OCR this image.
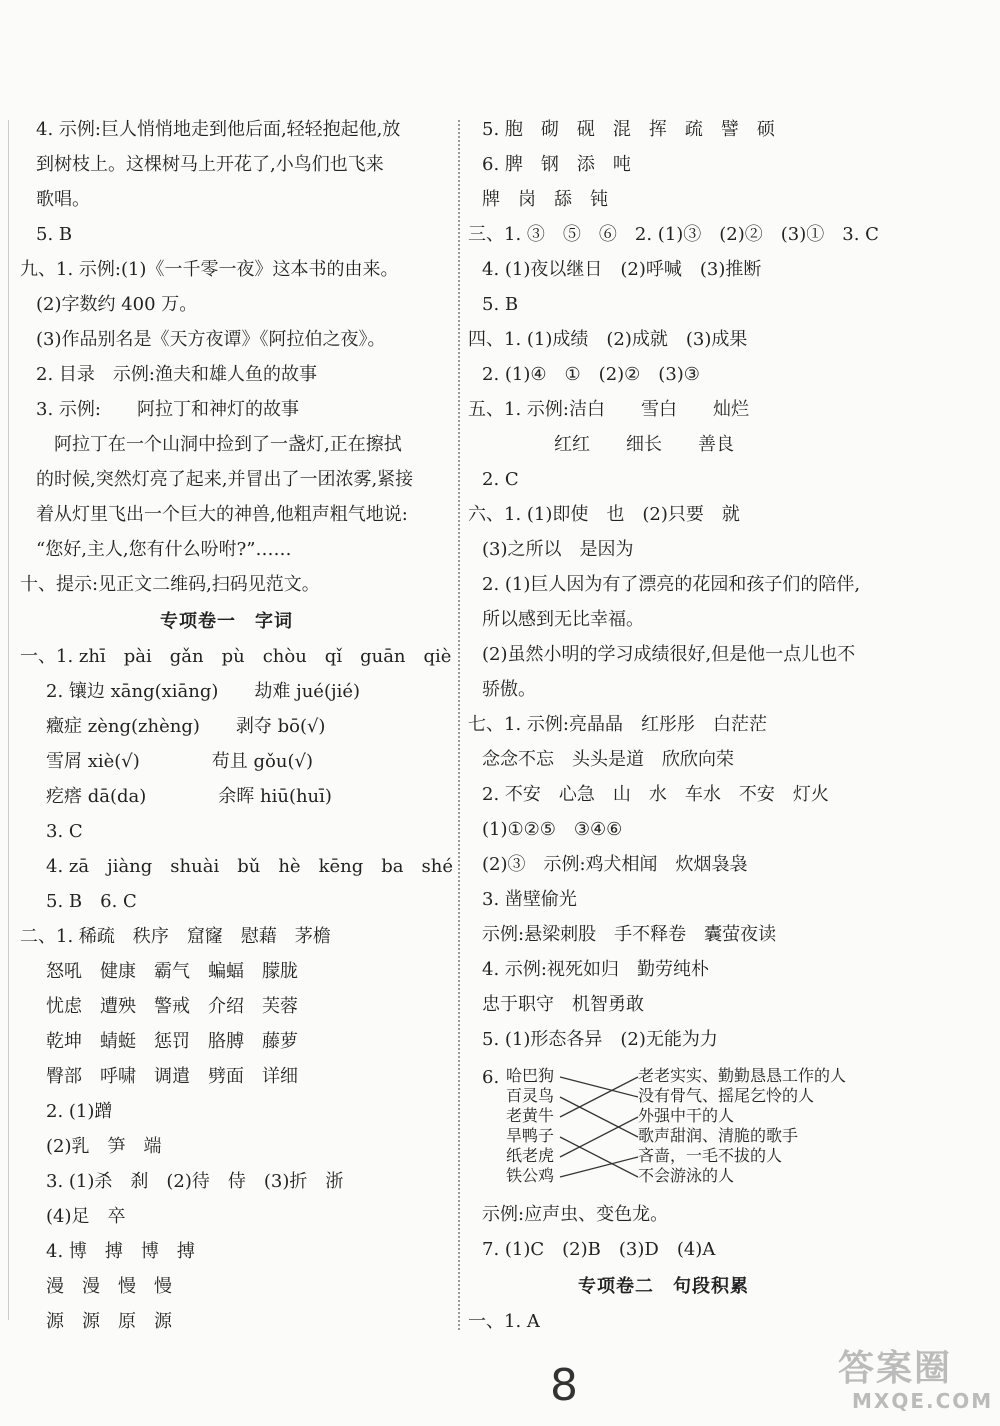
4. 示例:巨人悄悄地走到他后面,轻轻抱起他,放
到树枝上。这棵树马上开花了,小鸟们也飞来
歌唱。
5. B
九、1. 示例:(1)《一千零一夜》这本书的由来。
(2)字数约 400 万。
(3)作品别名是《天方夜谭》《阿拉伯之夜》。
2. 目录　示例:渔夫和雄人鱼的故事
3. 示例:　　阿拉丁和神灯的故事
　阿拉丁在一个山洞中捡到了一盏灯,正在擦拭
的时候,突然灯亮了起来,并冒出了一团浓雾,紧接
着从灯里飞出一个巨大的神兽,他粗声粗气地说:
“您好,主人,您有什么吩咐?”……
十、提示:见正文二维码,扫码见范文。
专项卷一　字词
一、1. zhī　pài　gǎn　pù　chòu　qǐ　guān　qiè
2. 镶边 xāng(xiāng)　　劫难 jué(jié)
癥症 zèng(zhèng)　　剥夺 bō(√)
雪屑 xiè(√)　　　　苟且 gǒu(√)
疙瘩 dā(da)　　　　余晖 hiū(huī)
3. C
4. zā　jiàng　shuài　bǔ　hè　kēng　ba　shé
5. B　6. C
二、1. 稀疏　秩序　窟窿　慰藉　茅檐
怒吼　健康　霸气　蝙蝠　朦胧
忧虑　遭殃　警戒　介绍　芙蓉
乾坤　蜻蜓　惩罚　胳膊　藤萝
臀部　呼啸　调遣　劈面　详细
2. (1)蹭
(2)乳　笋　端
3. (1)杀　刹　(2)待　侍　(3)折　浙
(4)足　卒
4. 博　搏　博　搏
漫　漫　慢　慢
源　源　原　源
5. 胞　砌　砚　混　挥　疏　譬　硕
6. 脾　钢　添　吨
牌　岗　舔　钝
三、1. ③　⑤　⑥　2. (1)③　(2)②　(3)①　3. C
4. (1)夜以继日　(2)呼喊　(3)推断
5. B
四、1. (1)成绩　(2)成就　(3)成果
2. (1)④　①　(2)②　(3)③
五、1. 示例:洁白　　雪白　　灿烂
红红　　细长　　善良
2. C
六、1. (1)即使　也　(2)只要　就
(3)之所以　是因为
2. (1)巨人因为有了漂亮的花园和孩子们的陪伴,
所以感到无比幸福。
(2)虽然小明的学习成绩很好,但是他一点儿也不
骄傲。
七、1. 示例:亮晶晶　红彤彤　白茫茫
念念不忘　头头是道　欣欣向荣
2. 不安　心急　山　水　车水　不安　灯火
(1)①②⑤　③④⑥
(2)③　示例:鸡犬相闻　炊烟袅袅
3. 凿壁偷光
示例:悬梁刺股　手不释卷　囊萤夜读
4. 示例:视死如归　勤劳纯朴
忠于职守　机智勇敢
5. (1)形态各异　(2)无能为力
6. 哈巴狗
百灵鸟
老黄牛
旱鸭子
纸老虎
铁公鸡
老老实实、勤勤恳恳工作的人
没有骨气、摇尾乞怜的人
外强中干的人
歌声甜润、清脆的歌手
吝啬，一毛不拔的人
不会游泳的人
示例:应声虫、变色龙。
7. (1)C　(2)B　(3)D　(4)A
专项卷二　句段积累
一、1. A
8	答案圈
MXQE.COM
